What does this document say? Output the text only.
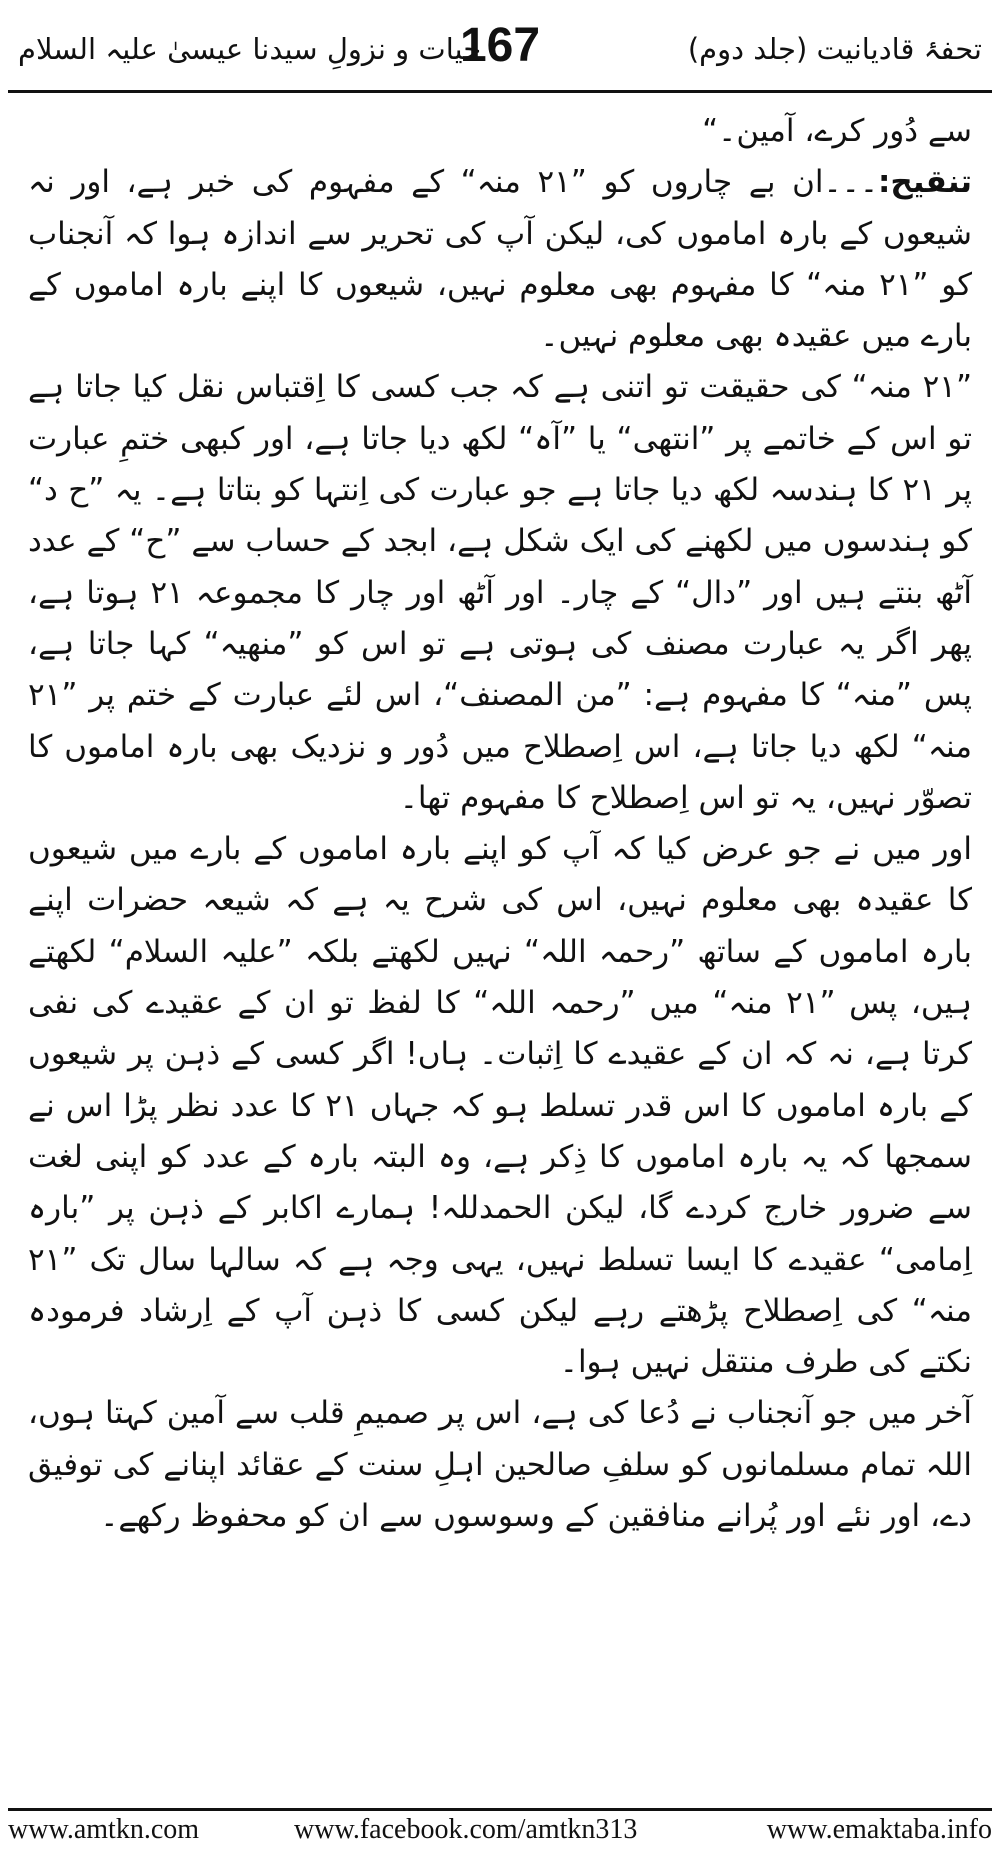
تحفۂ قادیانیت (جلد دوم)
167
حیات و نزولِ سیدنا عیسیٰ علیہ السلام

سے دُور کرے، آمین۔“

تنقیح:۔۔۔ان بے چاروں کو ”۲۱ منہ“ کے مفہوم کی خبر ہے، اور نہ شیعوں کے بارہ اماموں کی، لیکن آپ کی تحریر سے اندازہ ہوا کہ آنجناب کو ”۲۱ منہ“ کا مفہوم بھی معلوم نہیں، شیعوں کا اپنے بارہ اماموں کے بارے میں عقیدہ بھی معلوم نہیں۔

”۲۱ منہ“ کی حقیقت تو اتنی ہے کہ جب کسی کا اِقتباس نقل کیا جاتا ہے تو اس کے خاتمے پر ”انتھی“ یا ”آہ“ لکھ دیا جاتا ہے، اور کبھی ختمِ عبارت پر ۲۱ کا ہندسہ لکھ دیا جاتا ہے جو عبارت کی اِنتہا کو بتاتا ہے۔ یہ ”ح د“ کو ہندسوں میں لکھنے کی ایک شکل ہے، ابجد کے حساب سے ”ح“ کے عدد آٹھ بنتے ہیں اور ”دال“ کے چار۔ اور آٹھ اور چار کا مجموعہ ۲۱ ہوتا ہے، پھر اگر یہ عبارت مصنف کی ہوتی ہے تو اس کو ”منھیہ“ کہا جاتا ہے، پس ”منہ“ کا مفہوم ہے: ”من المصنف“، اس لئے عبارت کے ختم پر ”۲۱ منہ“ لکھ دیا جاتا ہے، اس اِصطلاح میں دُور و نزدیک بھی بارہ اماموں کا تصوّر نہیں، یہ تو اس اِصطلاح کا مفہوم تھا۔

اور میں نے جو عرض کیا کہ آپ کو اپنے بارہ اماموں کے بارے میں شیعوں کا عقیدہ بھی معلوم نہیں، اس کی شرح یہ ہے کہ شیعہ حضرات اپنے بارہ اماموں کے ساتھ ”رحمہ اللہ“ نہیں لکھتے بلکہ ”علیہ السلام“ لکھتے ہیں، پس ”۲۱ منہ“ میں ”رحمہ اللہ“ کا لفظ تو ان کے عقیدے کی نفی کرتا ہے، نہ کہ ان کے عقیدے کا اِثبات۔ ہاں! اگر کسی کے ذہن پر شیعوں کے بارہ اماموں کا اس قدر تسلط ہو کہ جہاں ۲۱ کا عدد نظر پڑا اس نے سمجھا کہ یہ بارہ اماموں کا ذِکر ہے، وہ البتہ بارہ کے عدد کو اپنی لغت سے ضرور خارج کردے گا، لیکن الحمدللہ! ہمارے اکابر کے ذہن پر ”بارہ اِمامی“ عقیدے کا ایسا تسلط نہیں، یہی وجہ ہے کہ سالہا سال تک ”۲۱ منہ“ کی اِصطلاح پڑھتے رہے لیکن کسی کا ذہن آپ کے اِرشاد فرمودہ نکتے کی طرف منتقل نہیں ہوا۔

آخر میں جو آنجناب نے دُعا کی ہے، اس پر صمیمِ قلب سے آمین کہتا ہوں، اللہ تمام مسلمانوں کو سلفِ صالحین اہلِ سنت کے عقائد اپنانے کی توفیق دے، اور نئے اور پُرانے منافقین کے وسوسوں سے ان کو محفوظ رکھے۔

www.amtkn.com	www.facebook.com/amtkn313	www.emaktaba.info
